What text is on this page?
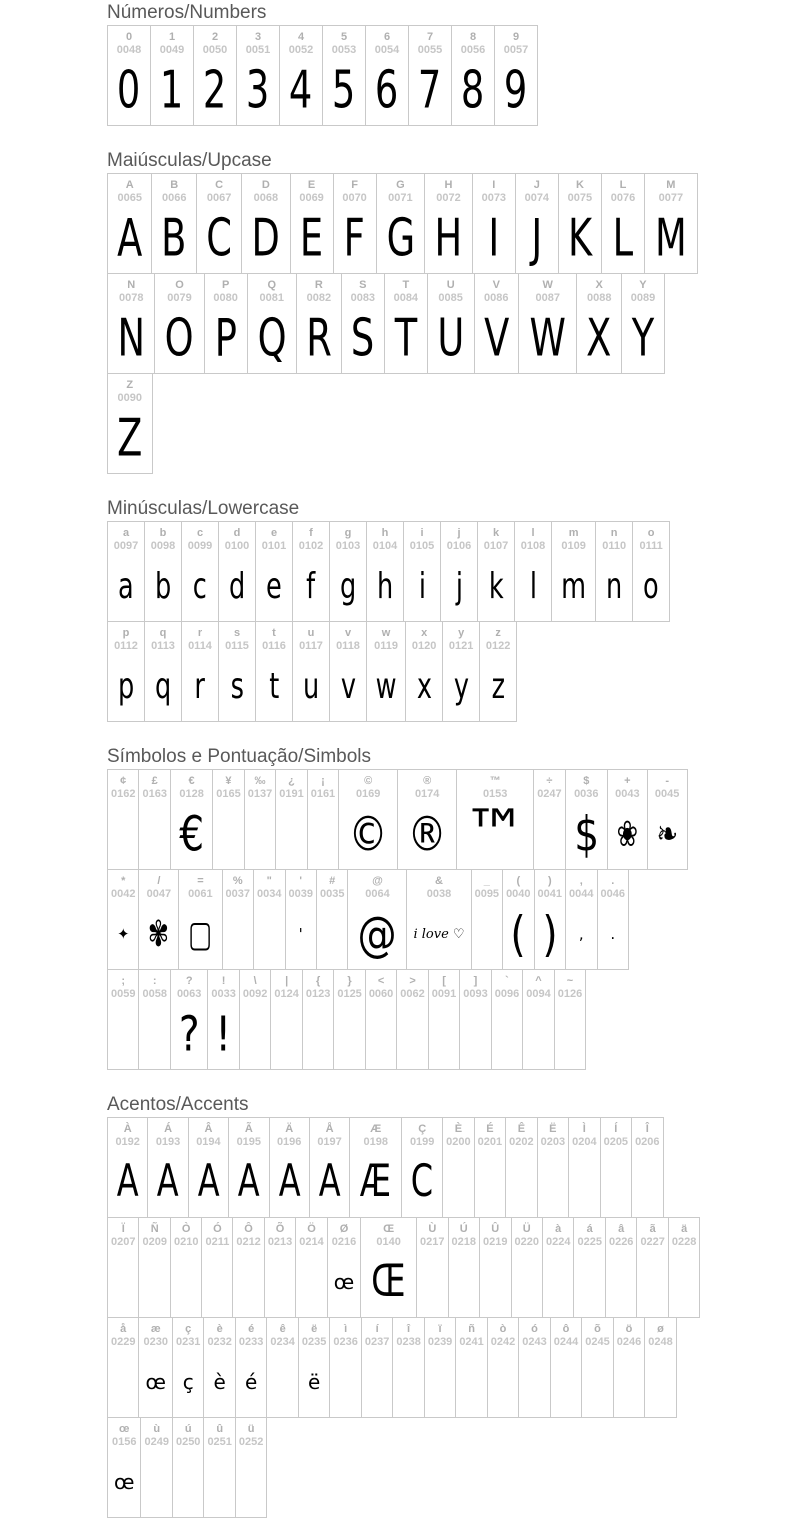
Números/Numbers
0
0048
0
1
0049
1
2
0050
2
3
0051
3
4
0052
4
5
0053
5
6
0054
6
7
0055
7
8
0056
8
9
0057
9
Maiúsculas/Upcase
A
0065
A
B
0066
B
C
0067
C
D
0068
D
E
0069
E
F
0070
F
G
0071
G
H
0072
H
I
0073
I
J
0074
J
K
0075
K
L
0076
L
M
0077
M
N
0078
N
O
0079
O
P
0080
P
Q
0081
Q
R
0082
R
S
0083
S
T
0084
T
U
0085
U
V
0086
V
W
0087
W
X
0088
X
Y
0089
Y
Z
0090
Z
Minúsculas/Lowercase
a
0097
a
b
0098
b
c
0099
c
d
0100
d
e
0101
e
f
0102
f
g
0103
g
h
0104
h
i
0105
i
j
0106
j
k
0107
k
l
0108
l
m
0109
m
n
0110
n
o
0111
o
p
0112
p
q
0113
q
r
0114
r
s
0115
s
t
0116
t
u
0117
u
v
0118
v
w
0119
w
x
0120
x
y
0121
y
z
0122
z
Símbolos e Pontuação/Simbols
¢
0162
£
0163
€
0128
€
¥
0165
‰
0137
¿
0191
¡
0161
©
0169
©
®
0174
®
™
0153
™
÷
0247
$
0036
$
+
0043
❀
-
0045
❧
*
0042
✦
/
0047
✾
=
0061
▢
%
0037
"
0034
'
0039
'
#
0035
@
0064
@
&
0038
i love ♡
_
0095
(
0040
(
)
0041
)
,
0044
,
.
0046
.
;
0059
:
0058
?
0063
?
!
0033
!
\
0092
|
0124
{
0123
}
0125
<
0060
>
0062
[
0091
]
0093
`
0096
^
0094
~
0126
Acentos/Accents
À
0192
A
Á
0193
A
Â
0194
A
Ã
0195
A
Ä
0196
A
Å
0197
A
Æ
0198
Æ
Ç
0199
C
È
0200
É
0201
Ê
0202
Ë
0203
Ì
0204
Í
0205
Î
0206
Ï
0207
Ñ
0209
Ò
0210
Ó
0211
Ô
0212
Õ
0213
Ö
0214
Ø
0216
œ
Œ
0140
Œ
Ù
0217
Ú
0218
Û
0219
Ü
0220
à
0224
á
0225
â
0226
ã
0227
ä
0228
å
0229
æ
0230
œ
ç
0231
ç
è
0232
è
é
0233
é
ê
0234
ë
0235
ë
ì
0236
í
0237
î
0238
ï
0239
ñ
0241
ò
0242
ó
0243
ô
0244
õ
0245
ö
0246
ø
0248
œ
0156
œ
ù
0249
ú
0250
û
0251
ü
0252
